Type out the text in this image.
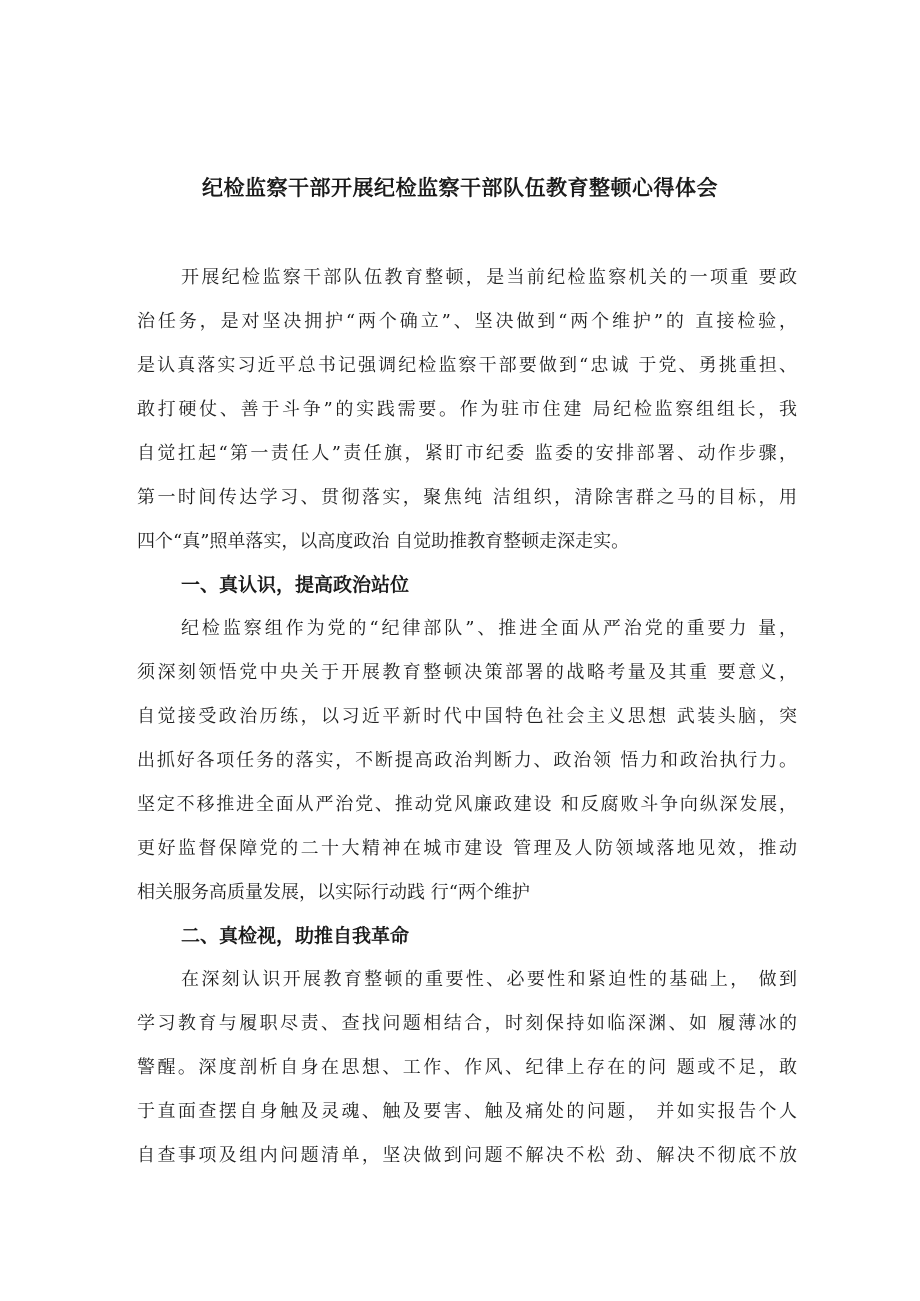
纪检监察干部开展纪检监察干部队伍教育整顿心得体会
开展纪检监察干部队伍教育整顿，是当前纪检监察机关的一项重 要政
治任务，是对坚决拥护“两个确立”、坚决做到“两个维护”的 直接检验，
是认真落实习近平总书记强调纪检监察干部要做到“忠诚 于党、勇挑重担、
敢打硬仗、善于斗争”的实践需要。作为驻市住建 局纪检监察组组长，我
自觉扛起“第一责任人”责任旗，紧盯市纪委 监委的安排部署、动作步骤，
第一时间传达学习、贯彻落实，聚焦纯 洁组织，清除害群之马的目标，用
四个“真”照单落实，以高度政治 自觉助推教育整顿走深走实。
一、真认识，提高政治站位
纪检监察组作为党的“纪律部队”、推进全面从严治党的重要力 量，
须深刻领悟党中央关于开展教育整顿决策部署的战略考量及其重 要意义，
自觉接受政治历练，以习近平新时代中国特色社会主义思想 武装头脑，突
出抓好各项任务的落实，不断提高政治判断力、政治领 悟力和政治执行力。
坚定不移推进全面从严治党、推动党风廉政建设 和反腐败斗争向纵深发展，
更好监督保障党的二十大精神在城市建设 管理及人防领域落地见效，推动
相关服务高质量发展，以实际行动践 行“两个维护
二、真检视，助推自我革命
在深刻认识开展教育整顿的重要性、必要性和紧迫性的基础上， 做到
学习教育与履职尽责、查找问题相结合，时刻保持如临深渊、如 履薄冰的
警醒。深度剖析自身在思想、工作、作风、纪律上存在的问 题或不足，敢
于直面查摆自身触及灵魂、触及要害、触及痛处的问题， 并如实报告个人
自查事项及组内问题清单，坚决做到问题不解决不松 劲、解决不彻底不放
